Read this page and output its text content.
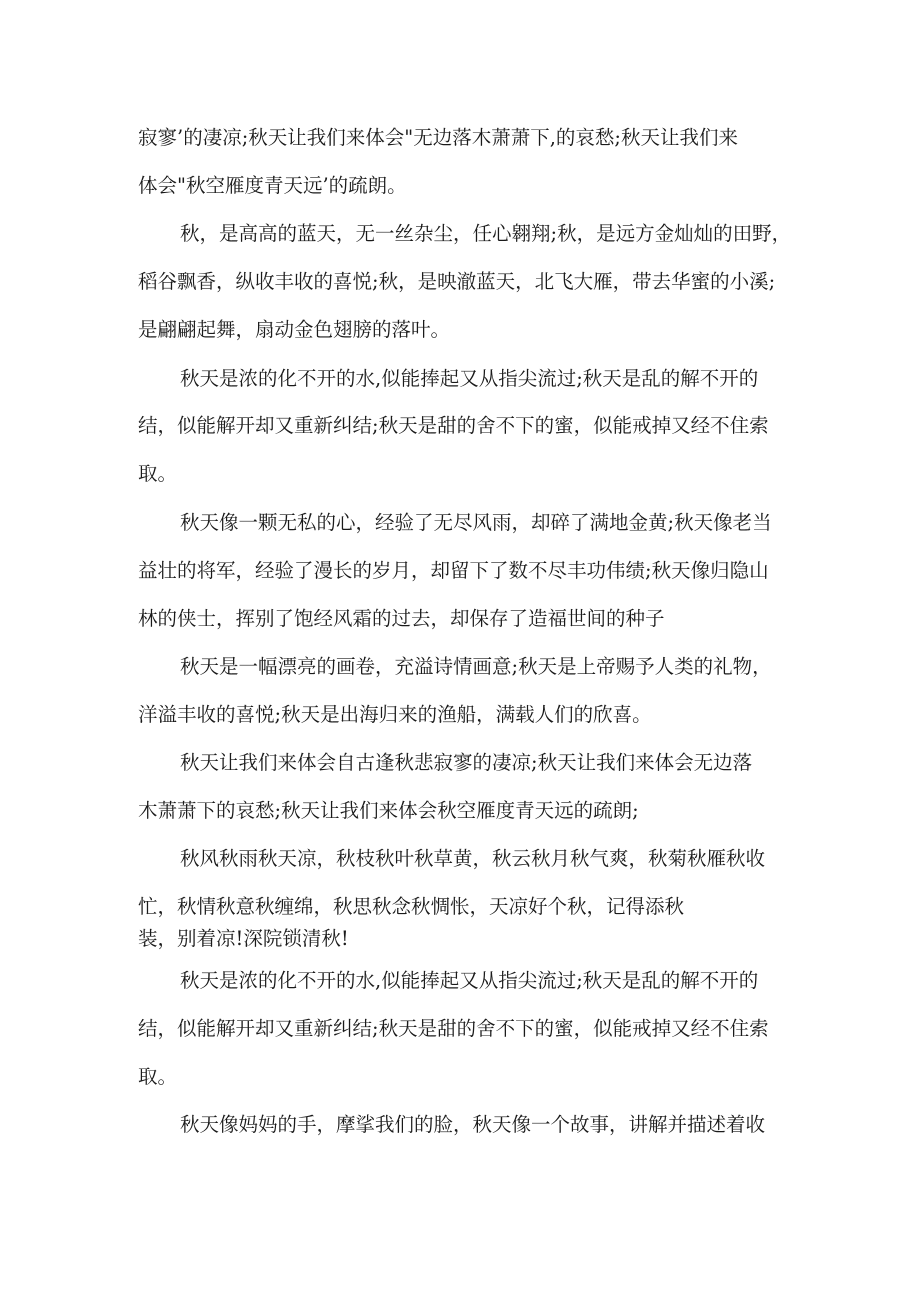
寂寥’的凄凉;秋天让我们来体会"无边落木萧萧下,的哀愁;秋天让我们来
体会"秋空雁度青天远’的疏朗。
秋，是高高的蓝天，无一丝杂尘，任心翱翔;秋，是远方金灿灿的田野，
稻谷飘香，纵收丰收的喜悦;秋，是映澈蓝天，北飞大雁，带去华蜜的小溪;
是翩翩起舞，扇动金色翅膀的落叶。
秋天是浓的化不开的水,似能捧起又从指尖流过;秋天是乱的解不开的
结，似能解开却又重新纠结;秋天是甜的舍不下的蜜，似能戒掉又经不住索
取。
秋天像一颗无私的心，经验了无尽风雨，却碎了满地金黄;秋天像老当
益壮的将军，经验了漫长的岁月，却留下了数不尽丰功伟绩;秋天像归隐山
林的侠士，挥别了饱经风霜的过去，却保存了造福世间的种子
秋天是一幅漂亮的画卷，充溢诗情画意;秋天是上帝赐予人类的礼物，
洋溢丰收的喜悦;秋天是出海归来的渔船，满载人们的欣喜。
秋天让我们来体会自古逢秋悲寂寥的凄凉;秋天让我们来体会无边落
木萧萧下的哀愁;秋天让我们来体会秋空雁度青天远的疏朗;
秋风秋雨秋天凉，秋枝秋叶秋草黄，秋云秋月秋气爽，秋菊秋雁秋收
忙，秋情秋意秋缠绵，秋思秋念秋惆怅，天凉好个秋，记得添秋
装，别着凉!深院锁清秋!
秋天是浓的化不开的水,似能捧起又从指尖流过;秋天是乱的解不开的
结，似能解开却又重新纠结;秋天是甜的舍不下的蜜，似能戒掉又经不住索
取。
秋天像妈妈的手，摩挲我们的脸，秋天像一个故事，讲解并描述着收
